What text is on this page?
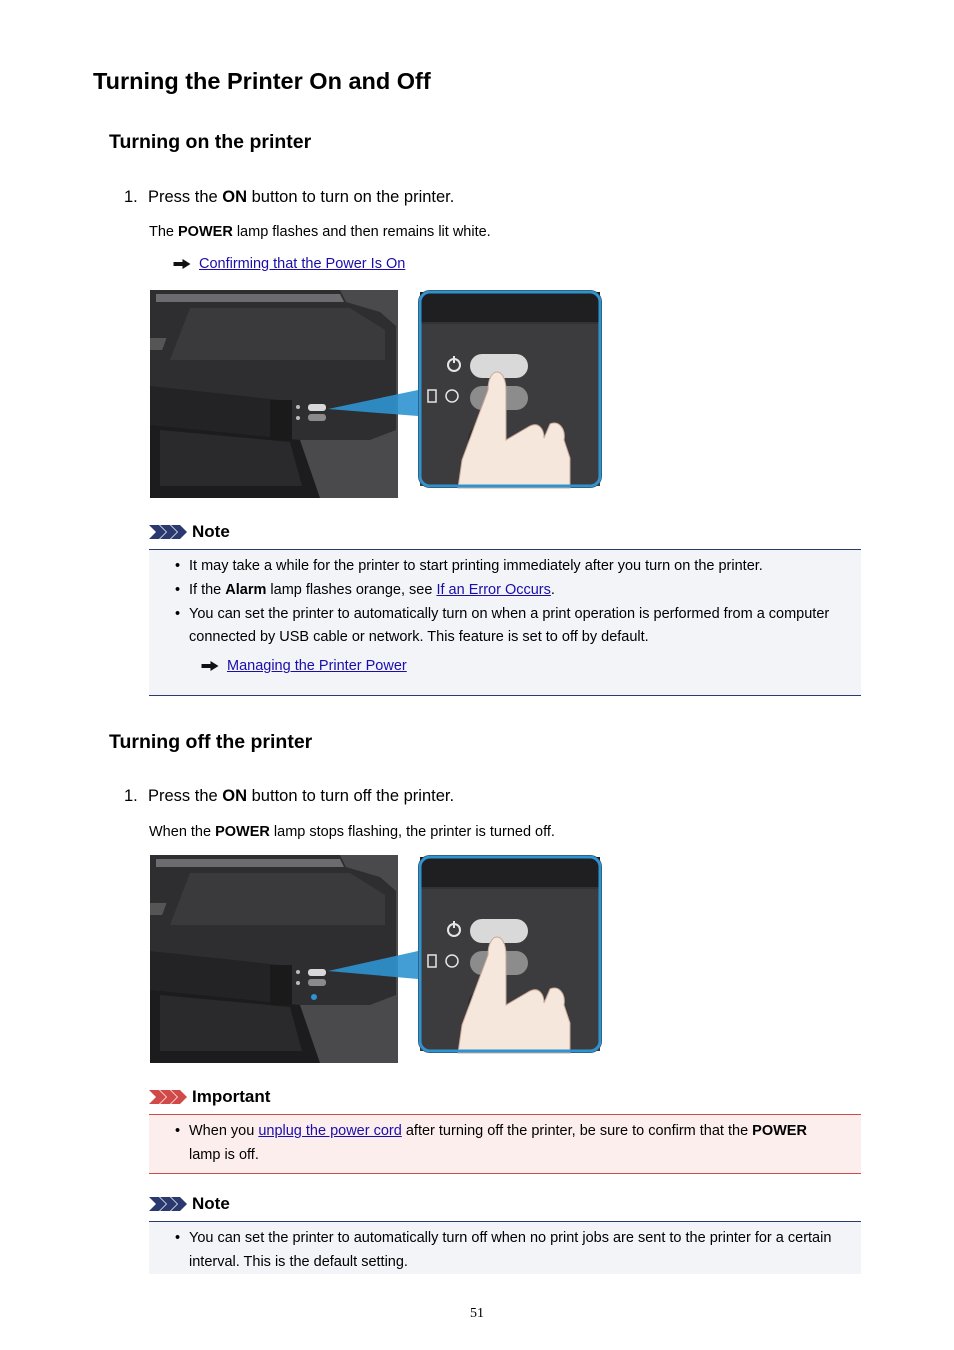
Turning the Printer On and Off
Turning on the printer
1. Press the ON button to turn on the printer.
The POWER lamp flashes and then remains lit white.
Confirming that the Power Is On
Note
• It may take a while for the printer to start printing immediately after you turn on the printer.
• If the Alarm lamp flashes orange, see If an Error Occurs.
• You can set the printer to automatically turn on when a print operation is performed from a computer connected by USB cable or network. This feature is set to off by default.
Managing the Printer Power
Turning off the printer
1. Press the ON button to turn off the printer.
When the POWER lamp stops flashing, the printer is turned off.
Important
• When you unplug the power cord after turning off the printer, be sure to confirm that the POWER lamp is off.
Note
• You can set the printer to automatically turn off when no print jobs are sent to the printer for a certain interval. This is the default setting.
51
